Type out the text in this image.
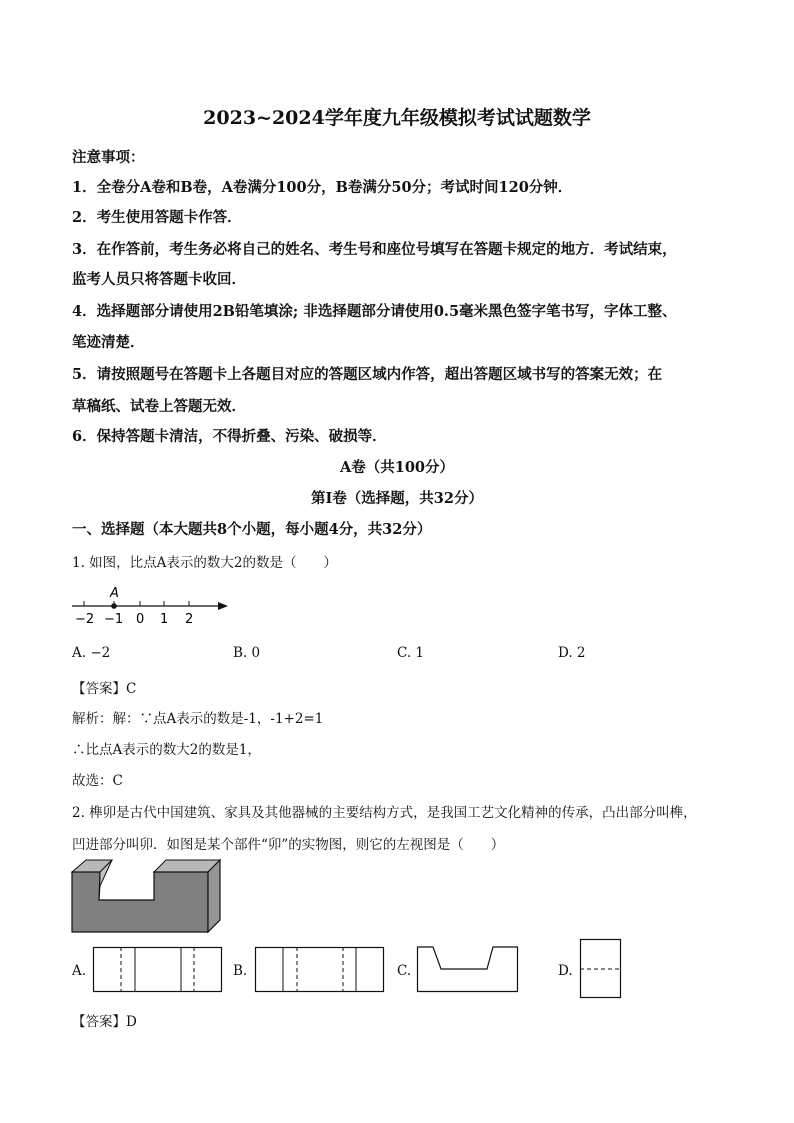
2023~2024学年度九年级模拟考试试题数学
注意事项：
1．全卷分A卷和B卷，A卷满分100分，B卷满分50分；考试时间120分钟．
2．考生使用答题卡作答．
3．在作答前，考生务必将自己的姓名、考生号和座位号填写在答题卡规定的地方．考试结束，
监考人员只将答题卡收回．
4．选择题部分请使用2B铅笔填涂; 非选择题部分请使用0.5毫米黑色签字笔书写，字体工整、
笔迹清楚．
5．请按照题号在答题卡上各题目对应的答题区域内作答，超出答题区域书写的答案无效；在
草稿纸、试卷上答题无效．
6．保持答题卡清洁，不得折叠、污染、破损等．
A卷（共100分）
第Ⅰ卷（选择题，共32分）
一、选择题（本大题共8个小题，每小题4分，共32分）
1. 如图，比点A表示的数大2的数是（　　）
A
−2 −1 0 1 2
A. −2	B. 0	C. 1	D. 2
【答案】C
解析：解：∵点A表示的数是-1，-1+2=1
∴比点A表示的数大2的数是1，
故选：C
2. 榫卯是古代中国建筑、家具及其他器械的主要结构方式，是我国工艺文化精神的传承，凸出部分叫榫，
凹进部分叫卯．如图是某个部件“卯”的实物图，则它的左视图是（　　）
A.	B.	C.	D.
【答案】D
